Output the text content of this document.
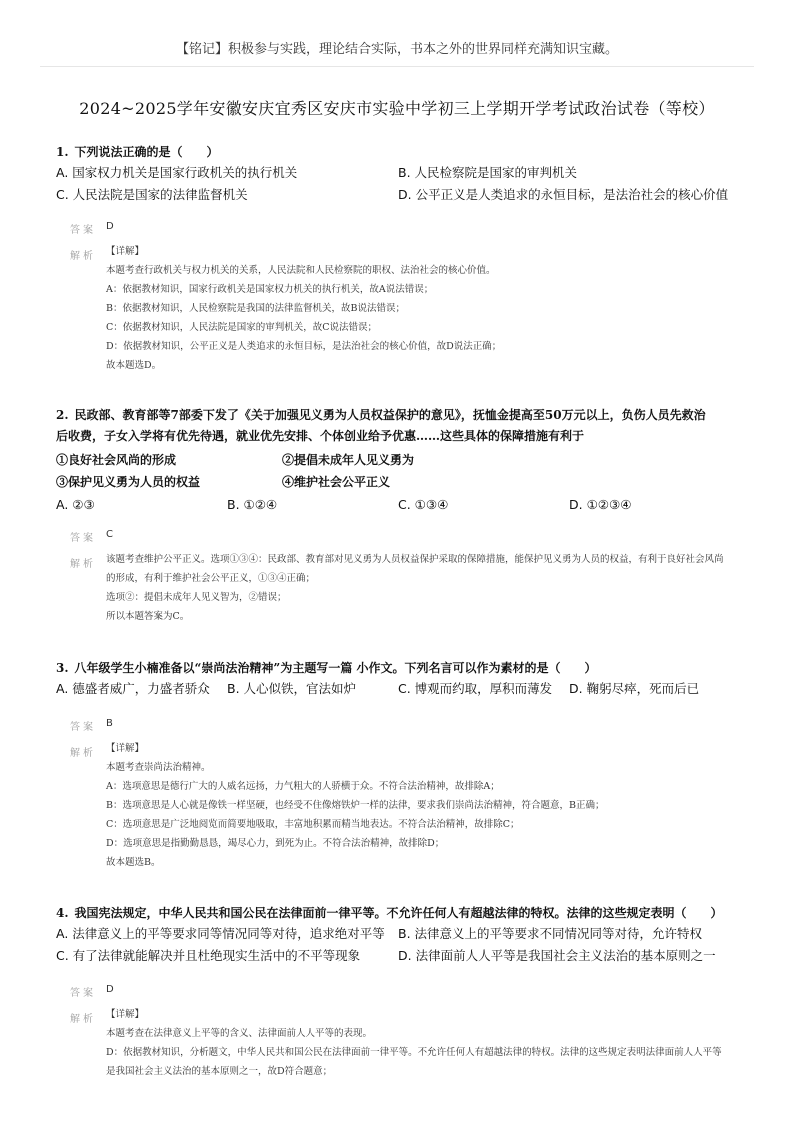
【铭记】积极参与实践，理论结合实际，书本之外的世界同样充满知识宝藏。
2024~2025学年安徽安庆宜秀区安庆市实验中学初三上学期开学考试政治试卷（等校）
1. 下列说法正确的是（　　）
A. 国家权力机关是国家行政机关的执行机关	B. 人民检察院是国家的审判机关
C. 人民法院是国家的法律监督机关	D. 公平正义是人类追求的永恒目标，是法治社会的核心价值
答案 D
解析 【详解】
本题考查行政机关与权力机关的关系，人民法院和人民检察院的职权、法治社会的核心价值。
A：依据教材知识，国家行政机关是国家权力机关的执行机关，故A说法错误；
B：依据教材知识，人民检察院是我国的法律监督机关，故B说法错误；
C：依据教材知识，人民法院是国家的审判机关，故C说法错误；
D：依据教材知识，公平正义是人类追求的永恒目标，是法治社会的核心价值，故D说法正确；
故本题选D。
2. 民政部、教育部等7部委下发了《关于加强见义勇为人员权益保护的意见》，抚恤金提高至50万元以上，负伤人员先救治后收费，子女入学将有优先待遇，就业优先安排、个体创业给予优惠……这些具体的保障措施有利于
①良好社会风尚的形成	②提倡未成年人见义勇为
③保护见义勇为人员的权益	④维护社会公平正义
A. ②③	B. ①②④	C. ①③④	D. ①②③④
答案 C
解析 该题考查维护公平正义。选项①③④：民政部、教育部对见义勇为人员权益保护采取的保障措施，能保护见义勇为人员的权益，有利于良好社会风尚的形成，有利于维护社会公平正义，①③④正确；
选项②：提倡未成年人见义智为，②错误；
所以本题答案为C。
3. 八年级学生小楠准备以“崇尚法治精神”为主题写一篇 小作文。下列名言可以作为素材的是（　　）
A. 德盛者威广，力盛者骄众 B. 人心似铁，官法如炉	C. 博观而约取，厚积而薄发 D. 鞠躬尽瘁，死而后已
答案 B
解析 【详解】
本题考查崇尚法治精神。
A：选项意思是德行广大的人威名远扬，力气粗大的人骄横于众。不符合法治精神，故排除A；
B：选项意思是人心就是像铁一样坚硬，也经受不住像熔铁炉一样的法律，要求我们崇尚法治精神，符合题意，B正确；
C：选项意思是广泛地阅览而简要地吸取，丰富地积累而精当地表达。不符合法治精神，故排除C；
D：选项意思是指勤勤恳恳，竭尽心力，到死为止。不符合法治精神，故排除D；
故本题选B。
4. 我国宪法规定，中华人民共和国公民在法律面前一律平等。不允许任何人有超越法律的特权。法律的这些规定表明（　　）
A. 法律意义上的平等要求同等情况同等对待，追求绝对平等 B. 法律意义上的平等要求不同情况同等对待，允许特权
C. 有了法律就能解决并且杜绝现实生活中的不平等现象	D. 法律面前人人平等是我国社会主义法治的基本原则之一
答案 D
解析 【详解】
本题考查在法律意义上平等的含义、法律面前人人平等的表现。
D：依据教材知识，分析题文，中华人民共和国公民在法律面前一律平等。不允许任何人有超越法律的特权。法律的这些规定表明法律面前人人平等是我国社会主义法治的基本原则之一，故D符合题意；
